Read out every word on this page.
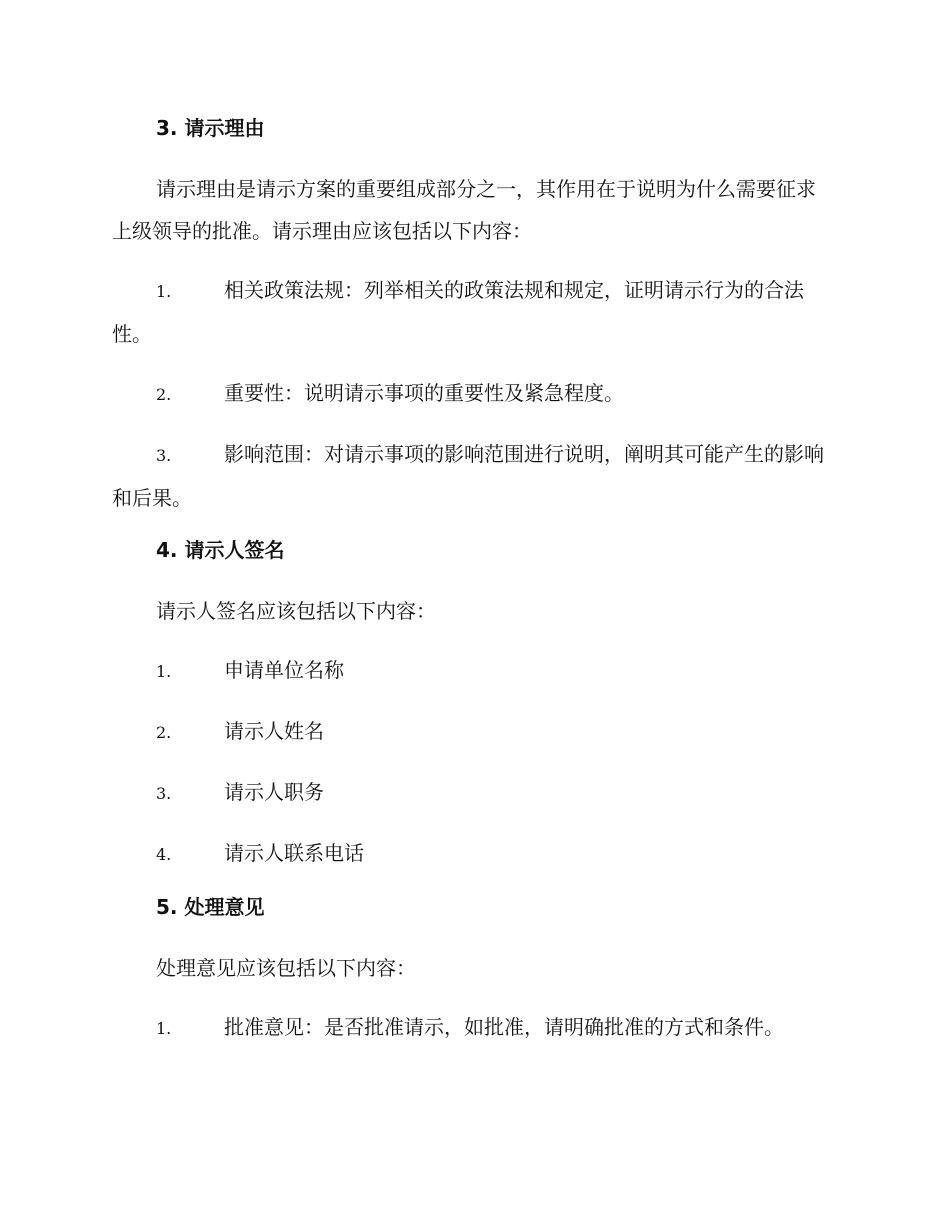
3. 请示理由

请示理由是请示方案的重要组成部分之一，其作用在于说明为什么需要征求上级领导的批准。请示理由应该包括以下内容：

1.	相关政策法规：列举相关的政策法规和规定，证明请示行为的合法性。
2.	重要性：说明请示事项的重要性及紧急程度。
3.	影响范围：对请示事项的影响范围进行说明，阐明其可能产生的影响和后果。
4. 请示人签名

请示人签名应该包括以下内容：

1.	申请单位名称
2.	请示人姓名
3.	请示人职务
4.	请示人联系电话
5. 处理意见

处理意见应该包括以下内容：

1.	批准意见：是否批准请示，如批准，请明确批准的方式和条件。
